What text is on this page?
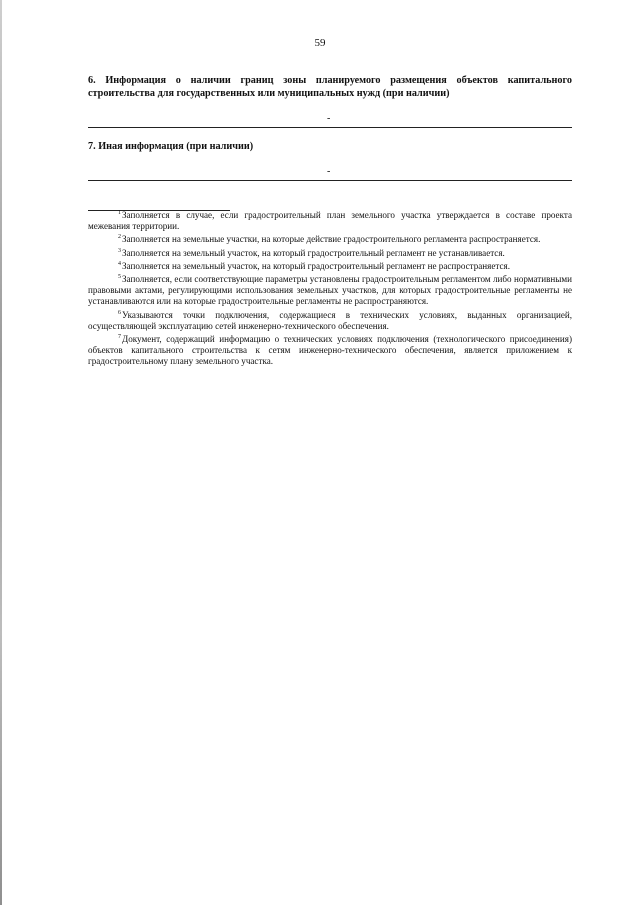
59
6. Информация о наличии границ зоны планируемого размещения объектов капитального строительства для государственных или муниципальных нужд (при наличии)
-
7. Иная информация (при наличии)
-

$^1$Заполняется в случае, если градостроительный план земельного участка утверждается в составе проекта межевания территории.

$^2$Заполняется на земельные участки, на которые действие градостроительного регламента распространяется.

$^3$Заполняется на земельный участок, на который градостроительный регламент не устанавливается.

$^4$Заполняется на земельный участок, на который градостроительный регламент не распространяется.

$^5$Заполняется, если соответствующие параметры установлены градостроительным регламентом либо нормативными правовыми актами, регулирующими использования земельных участков, для которых градостроительные регламенты не устанавливаются или на которые градостроительные регламенты не распространяются.

$^6$Указываются точки подключения, содержащиеся в технических условиях, выданных организацией, осуществляющей эксплуатацию сетей инженерно-технического обеспечения.

$^7$Документ, содержащий информацию о технических условиях подключения (технологического присоединения) объектов капитального строительства к сетям инженерно-технического обеспечения, является приложением к градостроительному плану земельного участка.
